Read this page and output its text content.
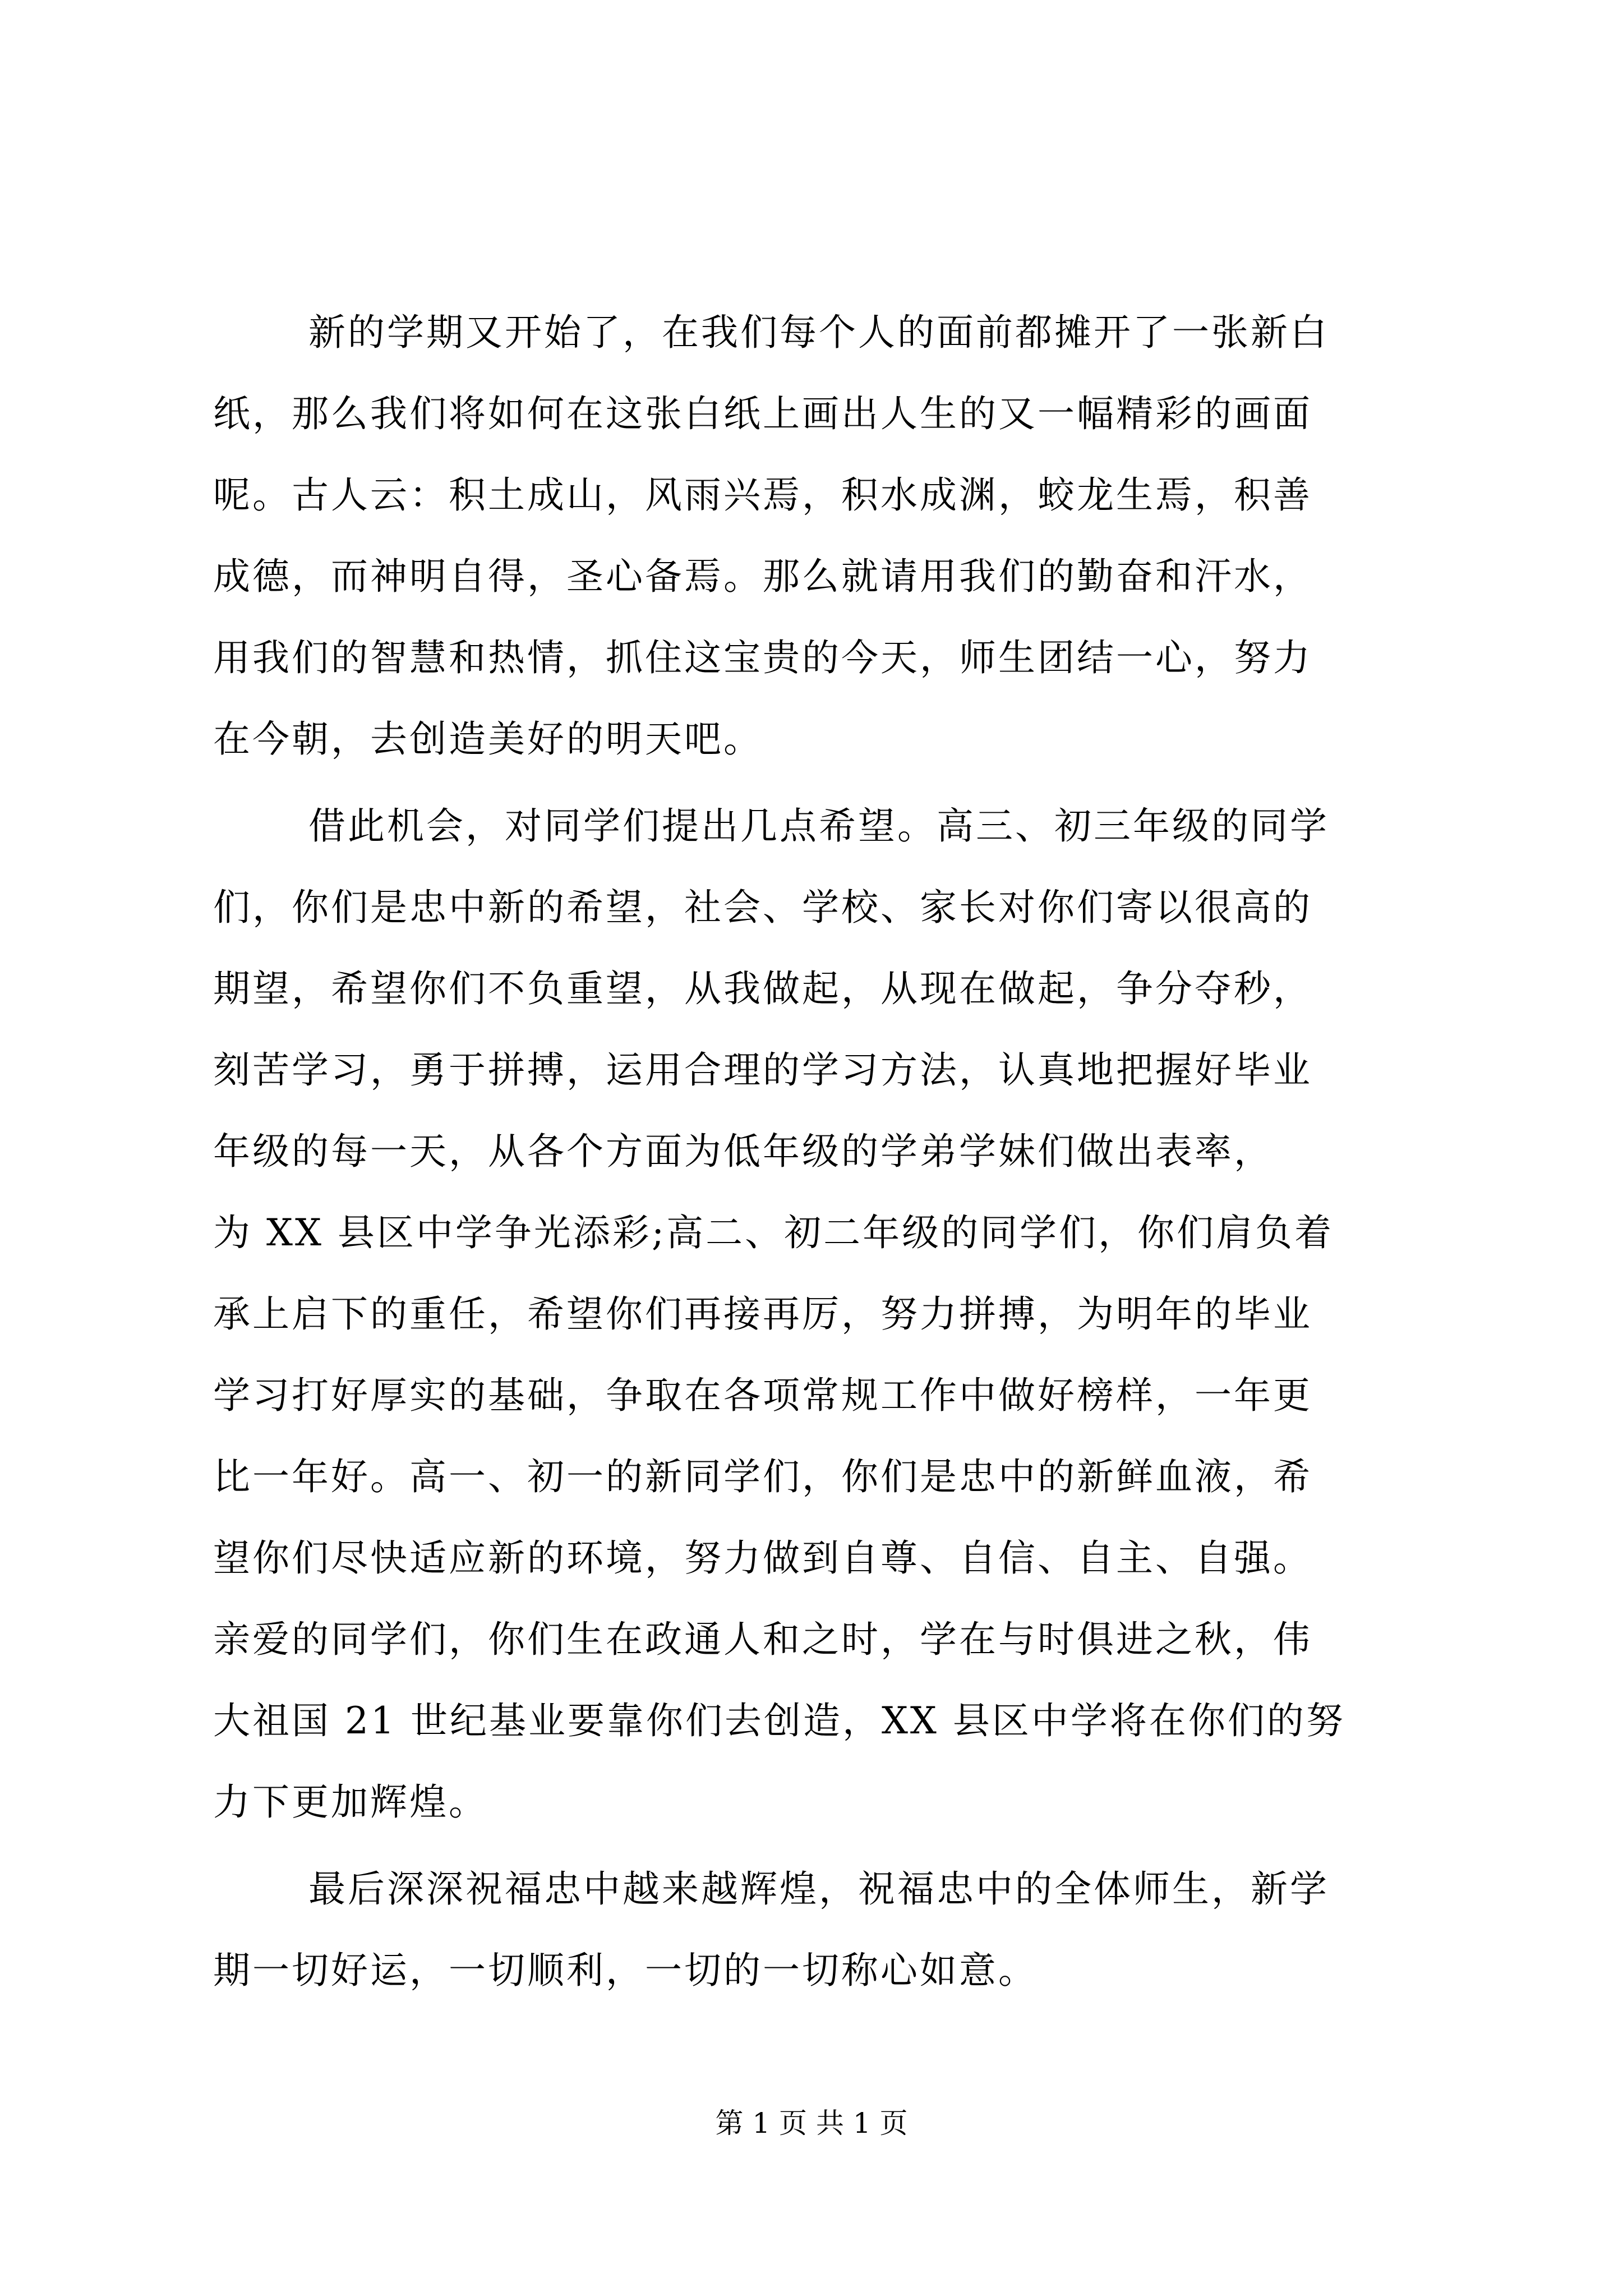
新的学期又开始了，在我们每个人的面前都摊开了一张新白
纸，那么我们将如何在这张白纸上画出人生的又一幅精彩的画面
呢。古人云：积土成山，风雨兴焉，积水成渊，蛟龙生焉，积善
成德，而神明自得，圣心备焉。那么就请用我们的勤奋和汗水，
用我们的智慧和热情，抓住这宝贵的今天，师生团结一心，努力
在今朝，去创造美好的明天吧。
借此机会，对同学们提出几点希望。高三、初三年级的同学
们，你们是忠中新的希望，社会、学校、家长对你们寄以很高的
期望，希望你们不负重望，从我做起，从现在做起，争分夺秒，
刻苦学习，勇于拼搏，运用合理的学习方法，认真地把握好毕业
年级的每一天，从各个方面为低年级的学弟学妹们做出表率，
为 XX 县区中学争光添彩;高二、初二年级的同学们，你们肩负着
承上启下的重任，希望你们再接再厉，努力拼搏，为明年的毕业
学习打好厚实的基础，争取在各项常规工作中做好榜样，一年更
比一年好。高一、初一的新同学们，你们是忠中的新鲜血液，希
望你们尽快适应新的环境，努力做到自尊、自信、自主、自强。
亲爱的同学们，你们生在政通人和之时，学在与时俱进之秋，伟
大祖国 21 世纪基业要靠你们去创造，XX 县区中学将在你们的努
力下更加辉煌。
最后深深祝福忠中越来越辉煌，祝福忠中的全体师生，新学
期一切好运，一切顺利，一切的一切称心如意。
第 1 页 共 1 页
